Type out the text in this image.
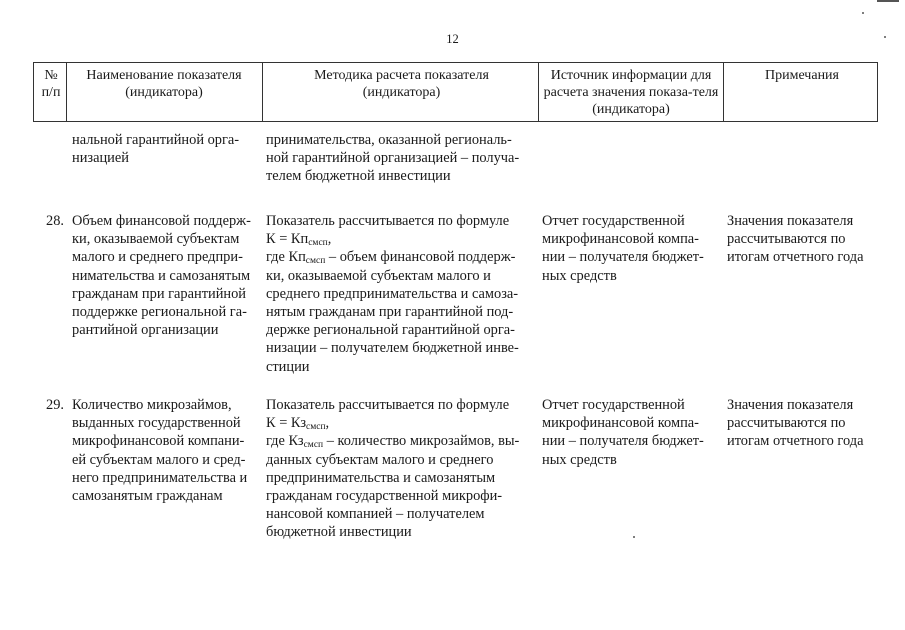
12
№ п/п
Наименование показателя (индикатора)
Методика расчета показателя (индикатора)
Источник информации для расчета значения показа-теля (индикатора)
Примечания
нальной гарантийной орга-
низацией
принимательства, оказанной региональ-
ной гарантийной организацией – получа-
телем бюджетной инвестиции
28. Объем финансовой поддерж-
ки, оказываемой субъектам
малого и среднего предпри-
нимательства и самозанятым
гражданам при гарантийной
поддержке региональной га-
рантийной организации
Показатель рассчитывается по формуле
$К = Кп_{смсп}$,
где $Кп_{смсп}$ – объем финансовой поддерж-
ки, оказываемой субъектам малого и
среднего предпринимательства и самоза-
нятым гражданам при гарантийной под-
держке региональной гарантийной орга-
низации – получателем бюджетной инве-
стиции
Отчет государственной
микрофинансовой компа-
нии – получателя бюджет-
ных средств
Значения показателя
рассчитываются по
итогам отчетного года
29. Количество микрозаймов,
выданных государственной
микрофинансовой компани-
ей субъектам малого и сред-
него предпринимательства и
самозанятым гражданам
Показатель рассчитывается по формуле
$К = Кз_{смсп}$,
где $Кз_{смсп}$ – количество микрозаймов, вы-
данных субъектам малого и среднего
предпринимательства и самозанятым
гражданам государственной микрофи-
нансовой компанией – получателем
бюджетной инвестиции
Отчет государственной
микрофинансовой компа-
нии – получателя бюджет-
ных средств
Значения показателя
рассчитываются по
итогам отчетного года
